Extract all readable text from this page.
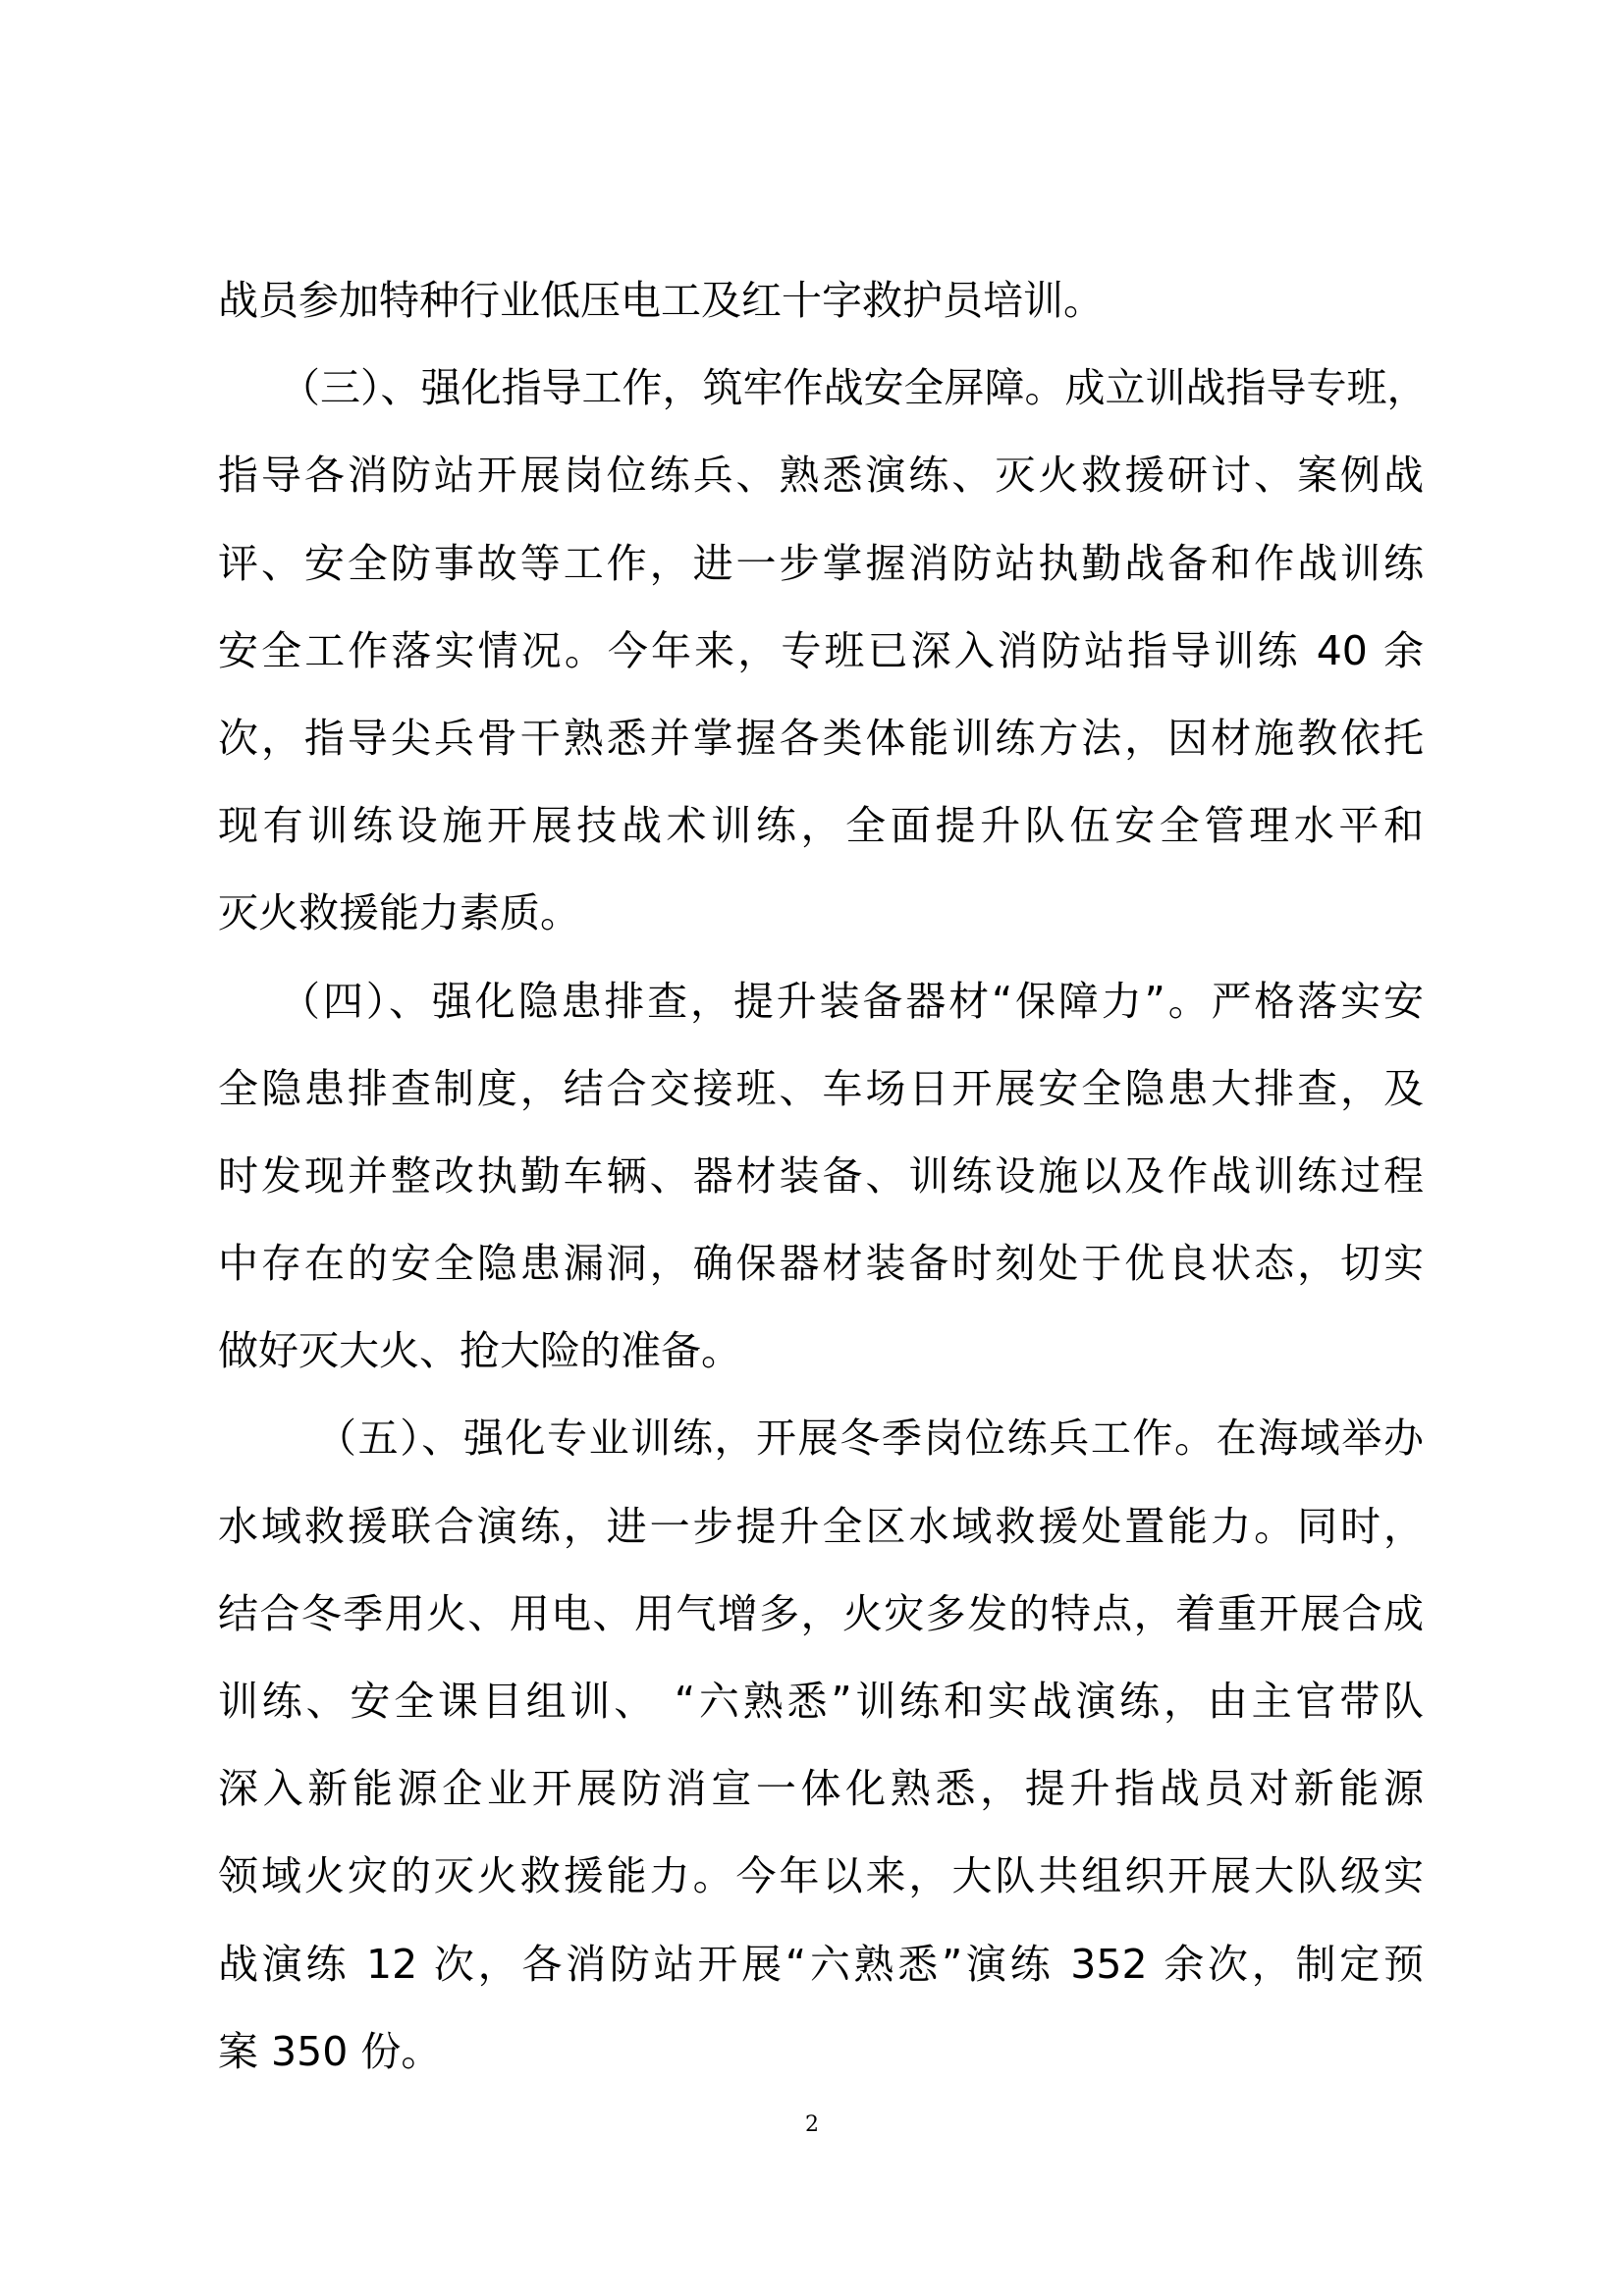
战员参加特种行业低压电工及红十字救护员培训。
（三）、强化指导工作，筑牢作战安全屏障。成立训战指导专班，
指导各消防站开展岗位练兵、熟悉演练、灭火救援研讨、案例战
评、安全防事故等工作，进一步掌握消防站执勤战备和作战训练
安全工作落实情况。今年来，专班已深入消防站指导训练 40 余
次，指导尖兵骨干熟悉并掌握各类体能训练方法，因材施教依托
现有训练设施开展技战术训练，全面提升队伍安全管理水平和
灭火救援能力素质。
（四）、强化隐患排查，提升装备器材“保障力”。严格落实安
全隐患排查制度，结合交接班、车场日开展安全隐患大排查，及
时发现并整改执勤车辆、器材装备、训练设施以及作战训练过程
中存在的安全隐患漏洞，确保器材装备时刻处于优良状态，切实
做好灭大火、抢大险的准备。
（五）、强化专业训练，开展冬季岗位练兵工作。在海域举办
水域救援联合演练，进一步提升全区水域救援处置能力。同时，
结合冬季用火、用电、用气增多，火灾多发的特点，着重开展合成
训练、安全课目组训、 “六熟悉”训练和实战演练，由主官带队
深入新能源企业开展防消宣一体化熟悉，提升指战员对新能源
领域火灾的灭火救援能力。今年以来，大队共组织开展大队级实
战演练 12 次，各消防站开展“六熟悉”演练 352 余次，制定预
案 350 份。
2
